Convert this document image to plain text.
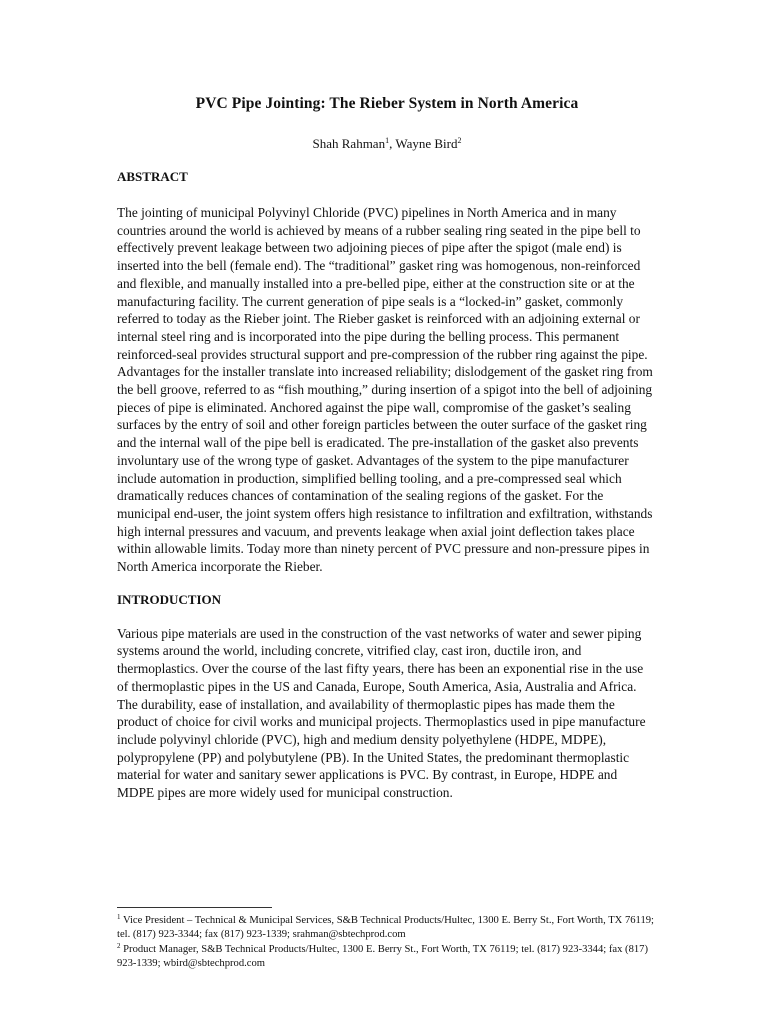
PVC Pipe Jointing: The Rieber System in North America
Shah Rahman$^1$, Wayne Bird$^2$
ABSTRACT

The jointing of municipal Polyvinyl Chloride (PVC) pipelines in North America and in many countries around the world is achieved by means of a rubber sealing ring seated in the pipe bell to effectively prevent leakage between two adjoining pieces of pipe after the spigot (male end) is inserted into the bell (female end). The “traditional” gasket ring was homogenous, non-reinforced and flexible, and manually installed into a pre-belled pipe, either at the construction site or at the manufacturing facility. The current generation of pipe seals is a “locked-in” gasket, commonly referred to today as the Rieber joint. The Rieber gasket is reinforced with an adjoining external or internal steel ring and is incorporated into the pipe during the belling process. This permanent reinforced-seal provides structural support and pre-compression of the rubber ring against the pipe. Advantages for the installer translate into increased reliability; dislodgement of the gasket ring from the bell groove, referred to as “fish mouthing,” during insertion of a spigot into the bell of adjoining pieces of pipe is eliminated. Anchored against the pipe wall, compromise of the gasket’s sealing surfaces by the entry of soil and other foreign particles between the outer surface of the gasket ring and the internal wall of the pipe bell is eradicated. The pre-installation of the gasket also prevents involuntary use of the wrong type of gasket. Advantages of the system to the pipe manufacturer include automation in production, simplified belling tooling, and a pre-compressed seal which dramatically reduces chances of contamination of the sealing regions of the gasket. For the municipal end-user, the joint system offers high resistance to infiltration and exfiltration, withstands high internal pressures and vacuum, and prevents leakage when axial joint deflection takes place within allowable limits. Today more than ninety percent of PVC pressure and non-pressure pipes in North America incorporate the Rieber.

INTRODUCTION

Various pipe materials are used in the construction of the vast networks of water and sewer piping systems around the world, including concrete, vitrified clay, cast iron, ductile iron, and thermoplastics. Over the course of the last fifty years, there has been an exponential rise in the use of thermoplastic pipes in the US and Canada, Europe, South America, Asia, Australia and Africa. The durability, ease of installation, and availability of thermoplastic pipes has made them the product of choice for civil works and municipal projects. Thermoplastics used in pipe manufacture include polyvinyl chloride (PVC), high and medium density polyethylene (HDPE, MDPE), polypropylene (PP) and polybutylene (PB). In the United States, the predominant thermoplastic material for water and sanitary sewer applications is PVC. By contrast, in Europe, HDPE and MDPE pipes are more widely used for municipal construction.

$^1$ Vice President – Technical & Municipal Services, S&B Technical Products/Hultec, 1300 E. Berry St., Fort Worth, TX 76119; tel. (817) 923-3344; fax (817) 923-1339; srahman@sbtechprod.com

$^2$ Product Manager, S&B Technical Products/Hultec, 1300 E. Berry St., Fort Worth, TX 76119; tel. (817) 923-3344; fax (817) 923-1339; wbird@sbtechprod.com
